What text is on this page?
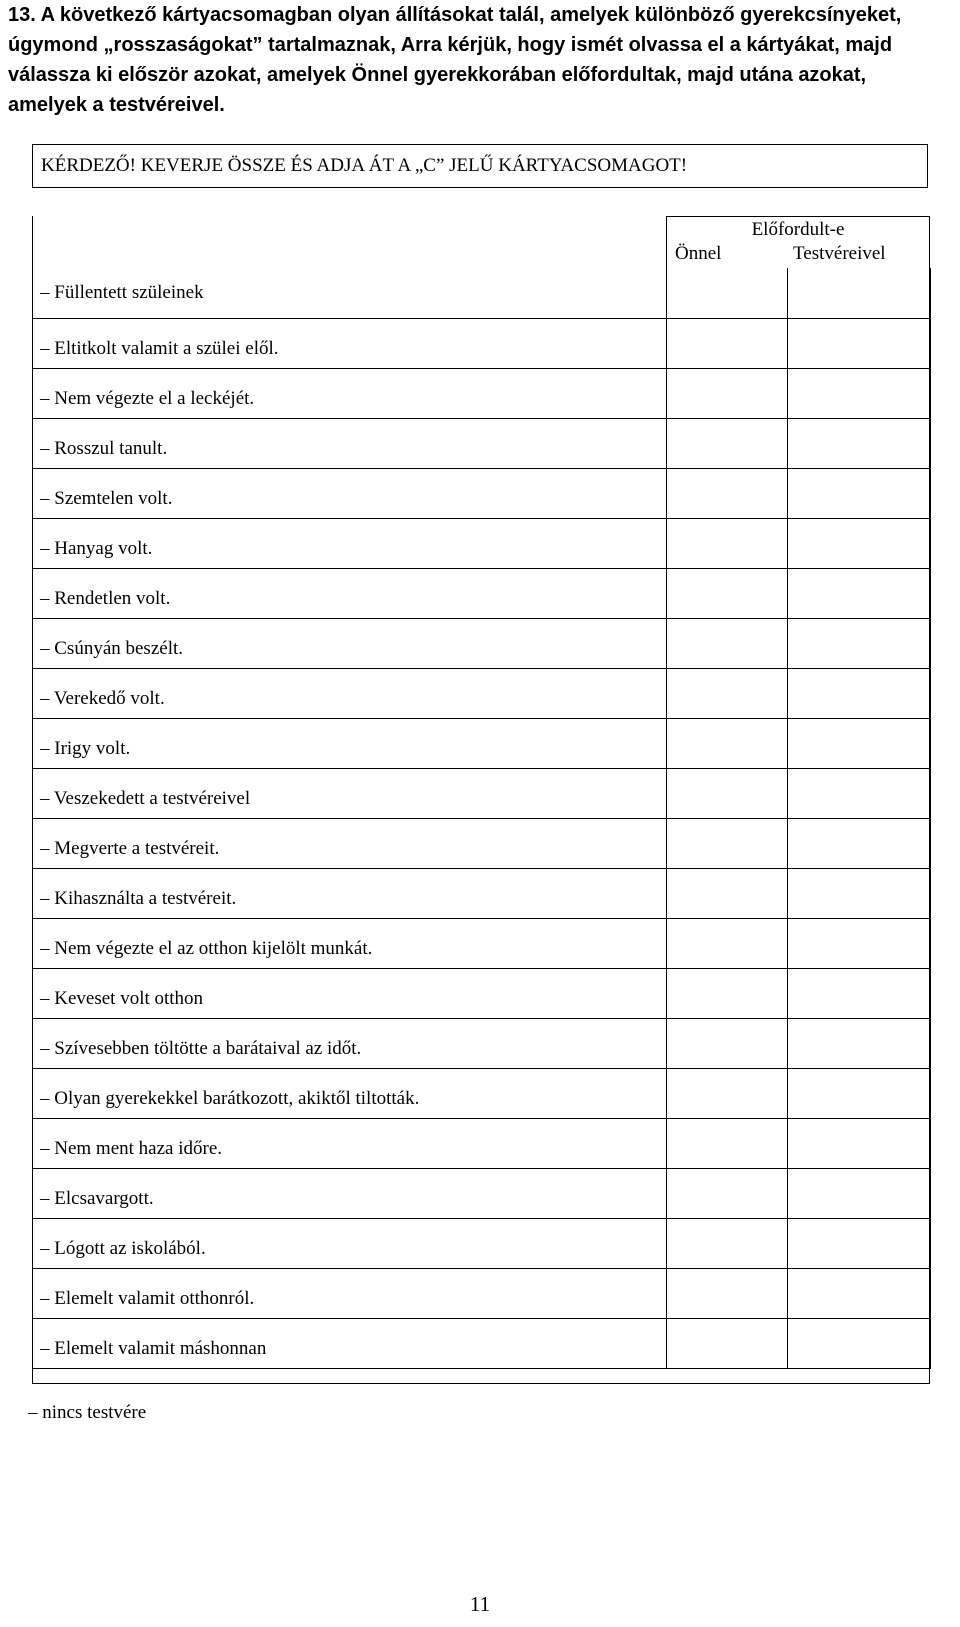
13. A következő kártyacsomagban olyan állításokat talál, amelyek különböző gyerekcsínyeket, úgymond „rosszaságokat” tartalmaznak, Arra kérjük, hogy ismét olvassa el a kártyákat, majd válassza ki először azokat, amelyek Önnel gyerekkorában előfordultak, majd utána azokat, amelyek a testvéreivel.

KÉRDEZŐ! KEVERJE ÖSSZE ÉS ADJA ÁT A „C” JELŰ KÁRTYACSOMAGOT!
Előfordult-e
Önnel	Testvéreivel
– Füllentett szüleinek		

– Eltitkolt valamit a szülei elől.		

– Nem végezte el a leckéjét.		

– Rosszul tanult.		

– Szemtelen volt.		

– Hanyag volt.		

– Rendetlen volt.		

– Csúnyán beszélt.		

– Verekedő volt.		

– Irigy volt.		

– Veszekedett a testvéreivel		

– Megverte a testvéreit.		

– Kihasználta a testvéreit.		

– Nem végezte el az otthon kijelölt munkát.		

– Keveset volt otthon		

– Szívesebben töltötte a barátaival az időt.		

– Olyan gyerekekkel barátkozott, akiktől tiltották.		

– Nem ment haza időre.		

– Elcsavargott.		

– Lógott az iskolából.		

– Elemelt valamit otthonról.		

– Elemelt valamit máshonnan		

– nincs testvére
11
